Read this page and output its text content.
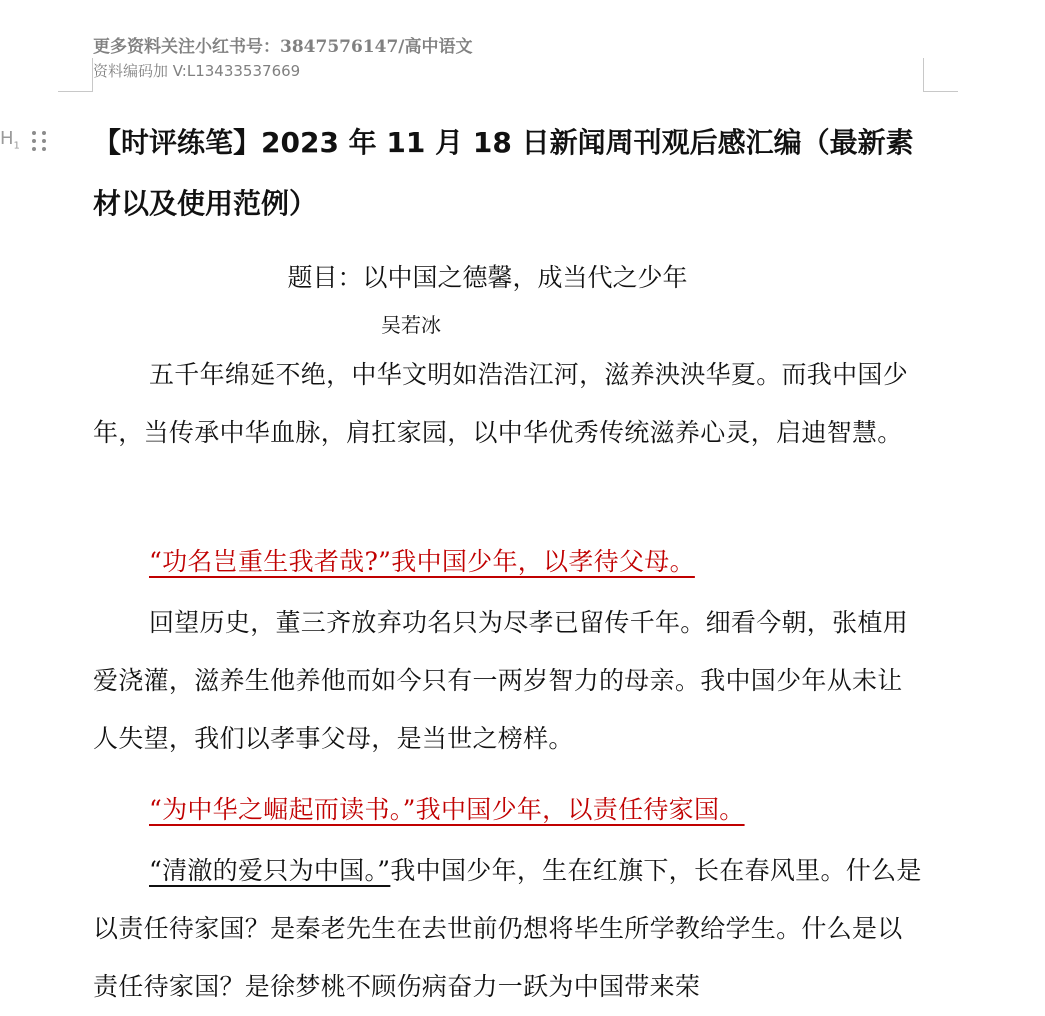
更多资料关注小红书号：3847576147/高中语文
资料编码加 V:L13433537669
$H_1$	【时评练笔】2023 年 11 月 18 日新闻周刊观后感汇编（最新素材以及使用范例）
题目：以中国之德馨，成当代之少年
吴若冰

五千年绵延不绝，中华文明如浩浩江河，滋养泱泱华夏。而我中国少年，当传承中华血脉，肩扛家园，以中华优秀传统滋养心灵，启迪智慧。

“功名岂重生我者哉?”我中国少年，以孝待父母。

回望历史，董三齐放弃功名只为尽孝已留传千年。细看今朝，张植用爱浇灌，滋养生他养他而如今只有一两岁智力的母亲。我中国少年从未让人失望，我们以孝事父母，是当世之榜样。

“为中华之崛起而读书。”我中国少年，以责任待家国。

“清澈的爱只为中国。”我中国少年，生在红旗下，长在春风里。什么是以责任待家国？是秦老先生在去世前仍想将毕生所学教给学生。什么是以责任待家国？是徐梦桃不顾伤病奋力一跃为中国带来荣
